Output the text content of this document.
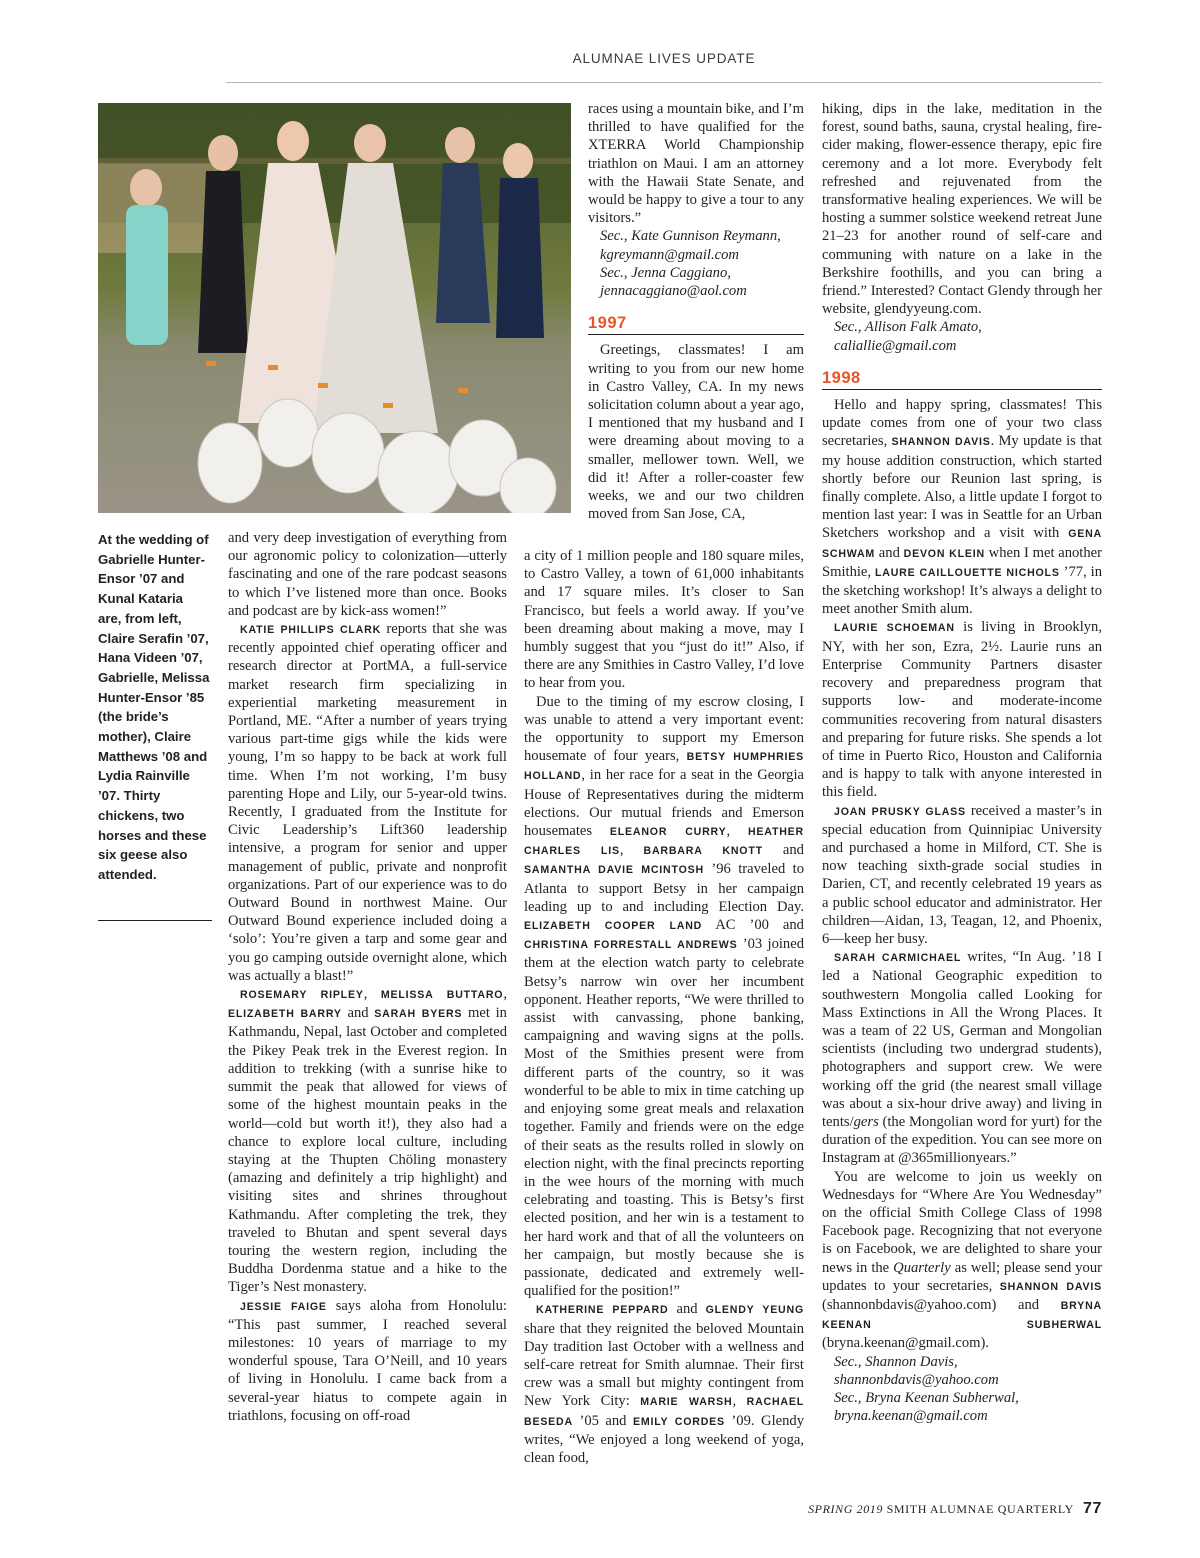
ALUMNAE LIVES UPDATE
At the wedding of Gabrielle Hunter-Ensor ’07 and Kunal Kataria are, from left, Claire Serafin ’07, Hana Videen ’07, Gabrielle, Melissa Hunter-Ensor ’85 (the bride’s mother), Claire Matthews ’08 and Lydia Rainville ’07. Thirty chickens, two horses and these six geese also attended.

and very deep investigation of everything from our agronomic policy to colonization—utterly fascinating and one of the rare podcast seasons to which I’ve listened more than once. Books and podcast are by kick-ass women!”

KATIE PHILLIPS CLARK reports that she was recently appointed chief operating officer and research director at PortMA, a full-service market research firm specializing in experiential marketing measurement in Portland, ME. “After a number of years trying various part-time gigs while the kids were young, I’m so happy to be back at work full time. When I’m not working, I’m busy parenting Hope and Lily, our 5-year-old twins. Recently, I graduated from the Institute for Civic Leadership’s Lift360 leadership intensive, a program for senior and upper management of public, private and nonprofit organizations. Part of our experience was to do Outward Bound in northwest Maine. Our Outward Bound experience included doing a ‘solo’: You’re given a tarp and some gear and you go camping outside overnight alone, which was actually a blast!”

ROSEMARY RIPLEY, MELISSA BUTTARO, ELIZABETH BARRY and SARAH BYERS met in Kathmandu, Nepal, last October and completed the Pikey Peak trek in the Everest region. In addition to trekking (with a sunrise hike to summit the peak that allowed for views of some of the highest mountain peaks in the world—cold but worth it!), they also had a chance to explore local culture, including staying at the Thupten Chöling monastery (amazing and definitely a trip highlight) and visiting sites and shrines throughout Kathmandu. After completing the trek, they traveled to Bhutan and spent several days touring the western region, including the Buddha Dordenma statue and a hike to the Tiger’s Nest monastery.

JESSIE FAIGE says aloha from Honolulu: “This past summer, I reached several milestones: 10 years of marriage to my wonderful spouse, Tara O’Neill, and 10 years of living in Honolulu. I came back from a several-year hiatus to compete again in triathlons, focusing on off-road

races using a mountain bike, and I’m thrilled to have qualified for the XTERRA World Championship triathlon on Maui. I am an attorney with the Hawaii State Senate, and would be happy to give a tour to any visitors.”

Sec., Kate Gunnison Reymann, kgreymann@gmail.com

Sec., Jenna Caggiano, jennacaggiano@aol.com

1997

Greetings, classmates! I am writing to you from our new home in Castro Valley, CA. In my news solicitation column about a year ago, I mentioned that my husband and I were dreaming about moving to a smaller, mellower town. Well, we did it! After a roller-coaster few weeks, we and our two children moved from San Jose, CA,

a city of 1 million people and 180 square miles, to Castro Valley, a town of 61,000 inhabitants and 17 square miles. It’s closer to San Francisco, but feels a world away. If you’ve been dreaming about making a move, may I humbly suggest that you “just do it!” Also, if there are any Smithies in Castro Valley, I’d love to hear from you.

Due to the timing of my escrow closing, I was unable to attend a very important event: the opportunity to support my Emerson housemate of four years, BETSY HUMPHRIES HOLLAND, in her race for a seat in the Georgia House of Representatives during the midterm elections. Our mutual friends and Emerson housemates ELEANOR CURRY, HEATHER CHARLES LIS, BARBARA KNOTT and SAMANTHA DAVIE MCINTOSH ’96 traveled to Atlanta to support Betsy in her campaign leading up to and including Election Day. ELIZABETH COOPER LAND AC ’00 and CHRISTINA FORRESTALL ANDREWS ’03 joined them at the election watch party to celebrate Betsy’s narrow win over her incumbent opponent. Heather reports, “We were thrilled to assist with canvassing, phone banking, campaigning and waving signs at the polls. Most of the Smithies present were from different parts of the country, so it was wonderful to be able to mix in time catching up and enjoying some great meals and relaxation together. Family and friends were on the edge of their seats as the results rolled in slowly on election night, with the final precincts reporting in the wee hours of the morning with much celebrating and toasting. This is Betsy’s first elected position, and her win is a testament to her hard work and that of all the volunteers on her campaign, but mostly because she is passionate, dedicated and extremely well-qualified for the position!”

KATHERINE PEPPARD and GLENDY YEUNG share that they reignited the beloved Mountain Day tradition last October with a wellness and self-care retreat for Smith alumnae. Their first crew was a small but mighty contingent from New York City: MARIE WARSH, RACHAEL BESEDA ’05 and EMILY CORDES ’09. Glendy writes, “We enjoyed a long weekend of yoga, clean food,

hiking, dips in the lake, meditation in the forest, sound baths, sauna, crystal healing, fire-cider making, flower-essence therapy, epic fire ceremony and a lot more. Everybody felt refreshed and rejuvenated from the transformative healing experiences. We will be hosting a summer solstice weekend retreat June 21–23 for another round of self-care and communing with nature on a lake in the Berkshire foothills, and you can bring a friend.” Interested? Contact Glendy through her website, glendyyeung.com.

Sec., Allison Falk Amato, caliallie@gmail.com

1998

Hello and happy spring, classmates! This update comes from one of your two class secretaries, SHANNON DAVIS. My update is that my house addition construction, which started shortly before our Reunion last spring, is finally complete. Also, a little update I forgot to mention last year: I was in Seattle for an Urban Sketchers workshop and a visit with GENA SCHWAM and DEVON KLEIN when I met another Smithie, LAURE CAILLOUETTE NICHOLS ’77, in the sketching workshop! It’s always a delight to meet another Smith alum.

LAURIE SCHOEMAN is living in Brooklyn, NY, with her son, Ezra, 2½. Laurie runs an Enterprise Community Partners disaster recovery and preparedness program that supports low- and moderate-income communities recovering from natural disasters and preparing for future risks. She spends a lot of time in Puerto Rico, Houston and California and is happy to talk with anyone interested in this field.

JOAN PRUSKY GLASS received a master’s in special education from Quinnipiac University and purchased a home in Milford, CT. She is now teaching sixth-grade social studies in Darien, CT, and recently celebrated 19 years as a public school educator and administrator. Her children—Aidan, 13, Teagan, 12, and Phoenix, 6—keep her busy.

SARAH CARMICHAEL writes, “In Aug. ’18 I led a National Geographic expedition to southwestern Mongolia called Looking for Mass Extinctions in All the Wrong Places. It was a team of 22 US, German and Mongolian scientists (including two undergrad students), photographers and support crew. We were working off the grid (the nearest small village was about a six-hour drive away) and living in tents/gers (the Mongolian word for yurt) for the duration of the expedition. You can see more on Instagram at @365millionyears.”

You are welcome to join us weekly on Wednesdays for “Where Are You Wednesday” on the official Smith College Class of 1998 Facebook page. Recognizing that not everyone is on Facebook, we are delighted to share your news in the Quarterly as well; please send your updates to your secretaries, SHANNON DAVIS (shannonbdavis@yahoo.com) and BRYNA KEENAN SUBHERWAL (bryna.keenan@gmail.com).

Sec., Shannon Davis, shannonbdavis@yahoo.com

Sec., Bryna Keenan Subherwal, bryna.keenan@gmail.com

SPRING 2019 SMITH ALUMNAE QUARTERLY 77
